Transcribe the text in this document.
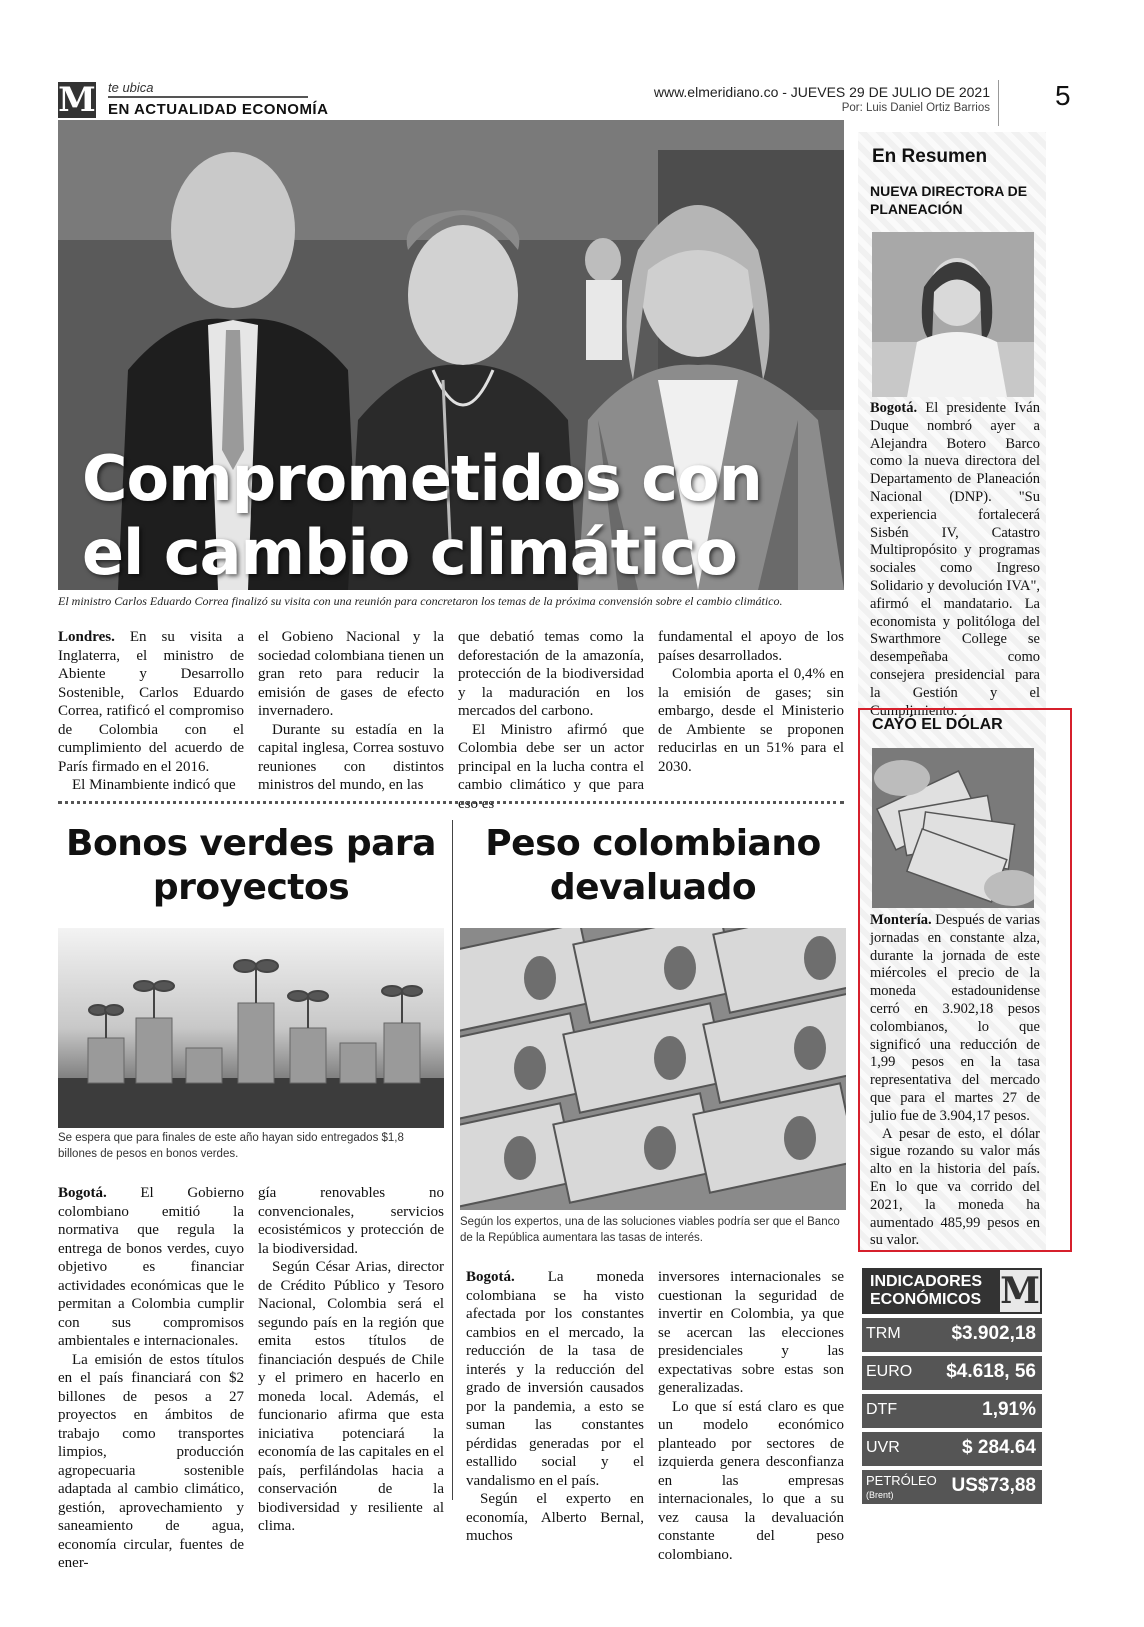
M te ubica
EN ACTUALIDAD ECONOMÍA
www.elmeridiano.co - JUEVES 29 DE JULIO DE 2021
Por: Luis Daniel Ortiz Barrios 5
Comprometidos con el cambio climático
El ministro Carlos Eduardo Correa finalizó su visita con una reunión para concretaron los temas de la próxima convensión sobre el cambio climático.

Londres. En su visita a Inglaterra, el ministro de Abiente y Desarrollo Sostenible, Carlos Eduardo Correa, ratificó el compromiso de Colombia con el cumplimiento del acuerdo de París firmado en el 2016.

El Minambiente indicó que

el Gobieno Nacional y la sociedad colombiana tienen un gran reto para reducir la emisión de gases de efecto invernadero.

Durante su estadía en la capital inglesa, Correa sostuvo reuniones con distintos ministros del mundo, en las

que debatió temas como la deforestación de la amazonía, protección de la biodiversidad y la maduración en los mercados del carbono.

El Ministro afirmó que Colombia debe ser un actor principal en la lucha contra el cambio climático y que para eso es

fundamental el apoyo de los países desarrollados.

Colombia aporta el 0,4% en la emisión de gases; sin embargo, desde el Ministerio de Ambiente se proponen reducirlas en un 51% para el 2030.

Bonos verdes para proyectos
Se espera que para finales de este año hayan sido entregados $1,8 billones de pesos en bonos verdes.

Bogotá. El Gobierno colombiano emitió la normativa que regula la entrega de bonos verdes, cuyo objetivo es financiar actividades económicas que le permitan a Colombia cumplir con sus compromisos ambientales e internacionales.

La emisión de estos títulos en el país financiará con $2 billones de pesos a 27 proyectos en ámbitos de trabajo como transportes limpios, producción agropecuaria sostenible adaptada al cambio climático, gestión, aprovechamiento y saneamiento de agua, economía circular, fuentes de ener-

gía renovables no convencionales, servicios ecosistémicos y protección de la biodiversidad.

Según César Arias, director de Crédito Público y Tesoro Nacional, Colombia será el segundo país en la región que emita estos títulos de financiación después de Chile y el primero en hacerlo en moneda local. Además, el funcionario afirma que esta iniciativa potenciará la economía de las capitales en el país, perfilándolas hacia a conservación de la biodiversidad y resiliente al clima.

Peso colombiano devaluado
Según los expertos, una de las soluciones viables podría ser que el Banco de la República aumentara las tasas de interés.

Bogotá. La moneda colombiana se ha visto afectada por los constantes cambios en el mercado, la reducción de la tasa de interés y la reducción del grado de inversión causados por la pandemia, a esto se suman las constantes pérdidas generadas por el estallido social y el vandalismo en el país.

Según el experto en economía, Alberto Bernal, muchos

inversores internacionales se cuestionan la seguridad de invertir en Colombia, ya que se acercan las elecciones presidenciales y las expectativas sobre estas son generalizadas.

Lo que sí está claro es que un modelo económico planteado por sectores de izquierda genera desconfianza en las empresas internacionales, lo que a su vez causa la devaluación constante del peso colombiano.

En Resumen
NUEVA DIRECTORA DE PLANEACIÓN
Bogotá. El presidente Iván Duque nombró ayer a Alejandra Botero Barco como la nueva directora del Departamento de Planeación Nacional (DNP). "Su experiencia fortalecerá Sisbén IV, Catastro Multipropósito y programas sociales como Ingreso Solidario y devolución IVA", afirmó el mandatario. La economista y politóloga del Swarthmore College se desempeñaba como consejera presidencial para la Gestión y el Cumplimiento.
CAYÓ EL DÓLAR

Montería. Después de varias jornadas en constante alza, durante la jornada de este miércoles el precio de la moneda estadounidense cerró en 3.902,18 pesos colombianos, lo que significó una reducción de 1,99 pesos en la tasa representativa del mercado que para el martes 27 de julio fue de 3.904,17 pesos.

A pesar de esto, el dólar sigue rozando su valor más alto en la historia del país. En lo que va corrido del 2021, la moneda ha aumentado 485,99 pesos en su valor.

INDICADORES
ECONÓMICOS M
TRM	$3.902,18
EURO	$4.618, 56
DTF	1,91%
UVR	$ 284.64
PETRÓLEO
(Brent)	US$73,88
